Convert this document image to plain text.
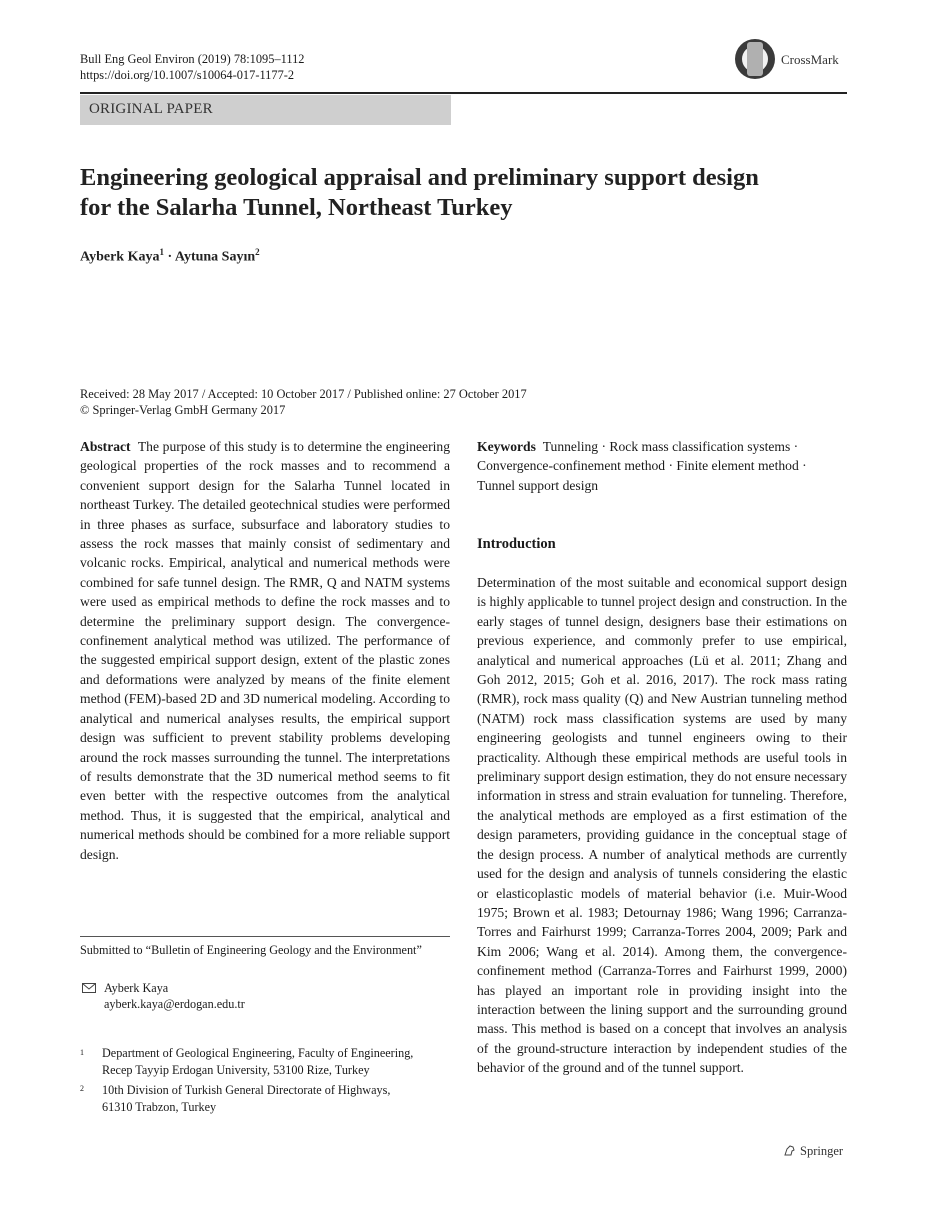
Bull Eng Geol Environ (2019) 78:1095–1112
https://doi.org/10.1007/s10064-017-1177-2
CrossMark
ORIGINAL PAPER
Engineering geological appraisal and preliminary support design
for the Salarha Tunnel, Northeast Turkey
Ayberk Kaya$^1$ · Aytuna Sayın$^2$
Received: 28 May 2017 / Accepted: 10 October 2017 / Published online: 27 October 2017
© Springer-Verlag GmbH Germany 2017
Abstract The purpose of this study is to determine the engineering geological properties of the rock masses and to recommend a convenient support design for the Salarha Tunnel located in northeast Turkey. The detailed geotechnical studies were performed in three phases as surface, subsurface and laboratory studies to assess the rock masses that mainly consist of sedimentary and volcanic rocks. Empirical, analytical and numerical methods were combined for safe tunnel design. The RMR, Q and NATM systems were used as empirical methods to define the rock masses and to determine the preliminary support design. The convergence-confinement analytical method was utilized. The performance of the suggested empirical support design, extent of the plastic zones and deformations were analyzed by means of the finite element method (FEM)-based 2D and 3D numerical modeling. According to analytical and numerical analyses results, the empirical support design was sufficient to prevent stability problems developing around the rock masses surrounding the tunnel. The interpretations of results demonstrate that the 3D numerical method seems to fit even better with the respective outcomes from the analytical method. Thus, it is suggested that the empirical, analytical and numerical methods should be combined for a more reliable support design.
Keywords Tunneling · Rock mass classification systems · Convergence-confinement method · Finite element method · Tunnel support design
Introduction
Determination of the most suitable and economical support design is highly applicable to tunnel project design and construction. In the early stages of tunnel design, designers base their estimations on previous experience, and commonly prefer to use empirical, analytical and numerical approaches (Lü et al. 2011; Zhang and Goh 2012, 2015; Goh et al. 2016, 2017). The rock mass rating (RMR), rock mass quality (Q) and New Austrian tunneling method (NATM) rock mass classification systems are used by many engineering geologists and tunnel engineers owing to their practicality. Although these empirical methods are useful tools in preliminary support design estimation, they do not ensure necessary information in stress and strain evaluation for tunneling. Therefore, the analytical methods are employed as a first estimation of the design parameters, providing guidance in the conceptual stage of the design process. A number of analytical methods are currently used for the design and analysis of tunnels considering the elastic or elasticoplastic models of material behavior (i.e. Muir-Wood 1975; Brown et al. 1983; Detournay 1986; Wang 1996; Carranza-Torres and Fairhurst 1999; Carranza-Torres 2004, 2009; Park and Kim 2006; Wang et al. 2014). Among them, the convergence-confinement method (Carranza-Torres and Fairhurst 1999, 2000) has played an important role in providing insight into the interaction between the lining support and the surrounding ground mass. This method is based on a concept that involves an analysis of the ground-structure interaction by independent studies of the behavior of the ground and of the tunnel support.
Submitted to “Bulletin of Engineering Geology and the Environment”
Ayberk Kaya
ayberk.kaya@erdogan.edu.tr
1 Department of Geological Engineering, Faculty of Engineering,
Recep Tayyip Erdogan University, 53100 Rize, Turkey
2 10th Division of Turkish General Directorate of Highways,
61310 Trabzon, Turkey
Springer
